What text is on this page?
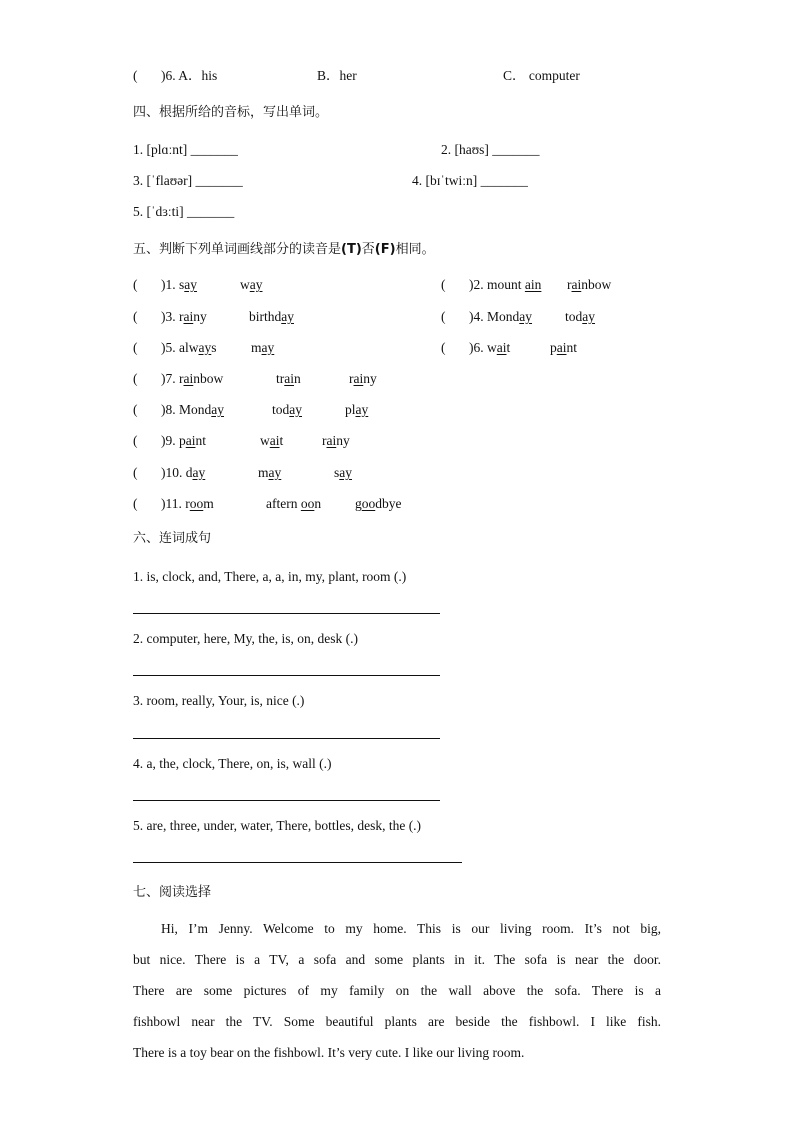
( )6. A．his	B．her	C． computer
四、根据所给的音标，写出单词。
1. [plɑːnt] _______	2. [haʊs] _______
3. [ˈflaʊər] _______	4. [bɪˈtwiːn] _______
5. [ˈdɜːti] _______
五、判断下列单词画线部分的读音是(T)否(F)相同。
( )1. say	way	( )2. mount ain rainbow
( )3. rainy	birthday	( )4. Monday today
( )5. always	may	( )6. wait	paint
( )7. rainbow	train	rainy
( )8. Monday	today	play
( )9. paint	wait	rainy
( )10. day	may	say
( )11. room	aftern oon	goodbye
六、连词成句
1. is, clock, and, There, a, a, in, my, plant, room (.)
2. computer, here, My, the, is, on, desk (.)
3. room, really, Your, is, nice (.)
4. a, the, clock, There, on, is, wall (.)
5. are, three, under, water, There, bottles, desk, the (.)
七、阅读选择
Hi, I’m Jenny. Welcome to my home. This is our living room. It’s not big,
but nice. There is a TV, a sofa and some plants in it. The sofa is near the door.
There are some pictures of my family on the wall above the sofa. There is a
fishbowl near the TV. Some beautiful plants are beside the fishbowl. I like fish.
There is a toy bear on the fishbowl. It’s very cute. I like our living room.
